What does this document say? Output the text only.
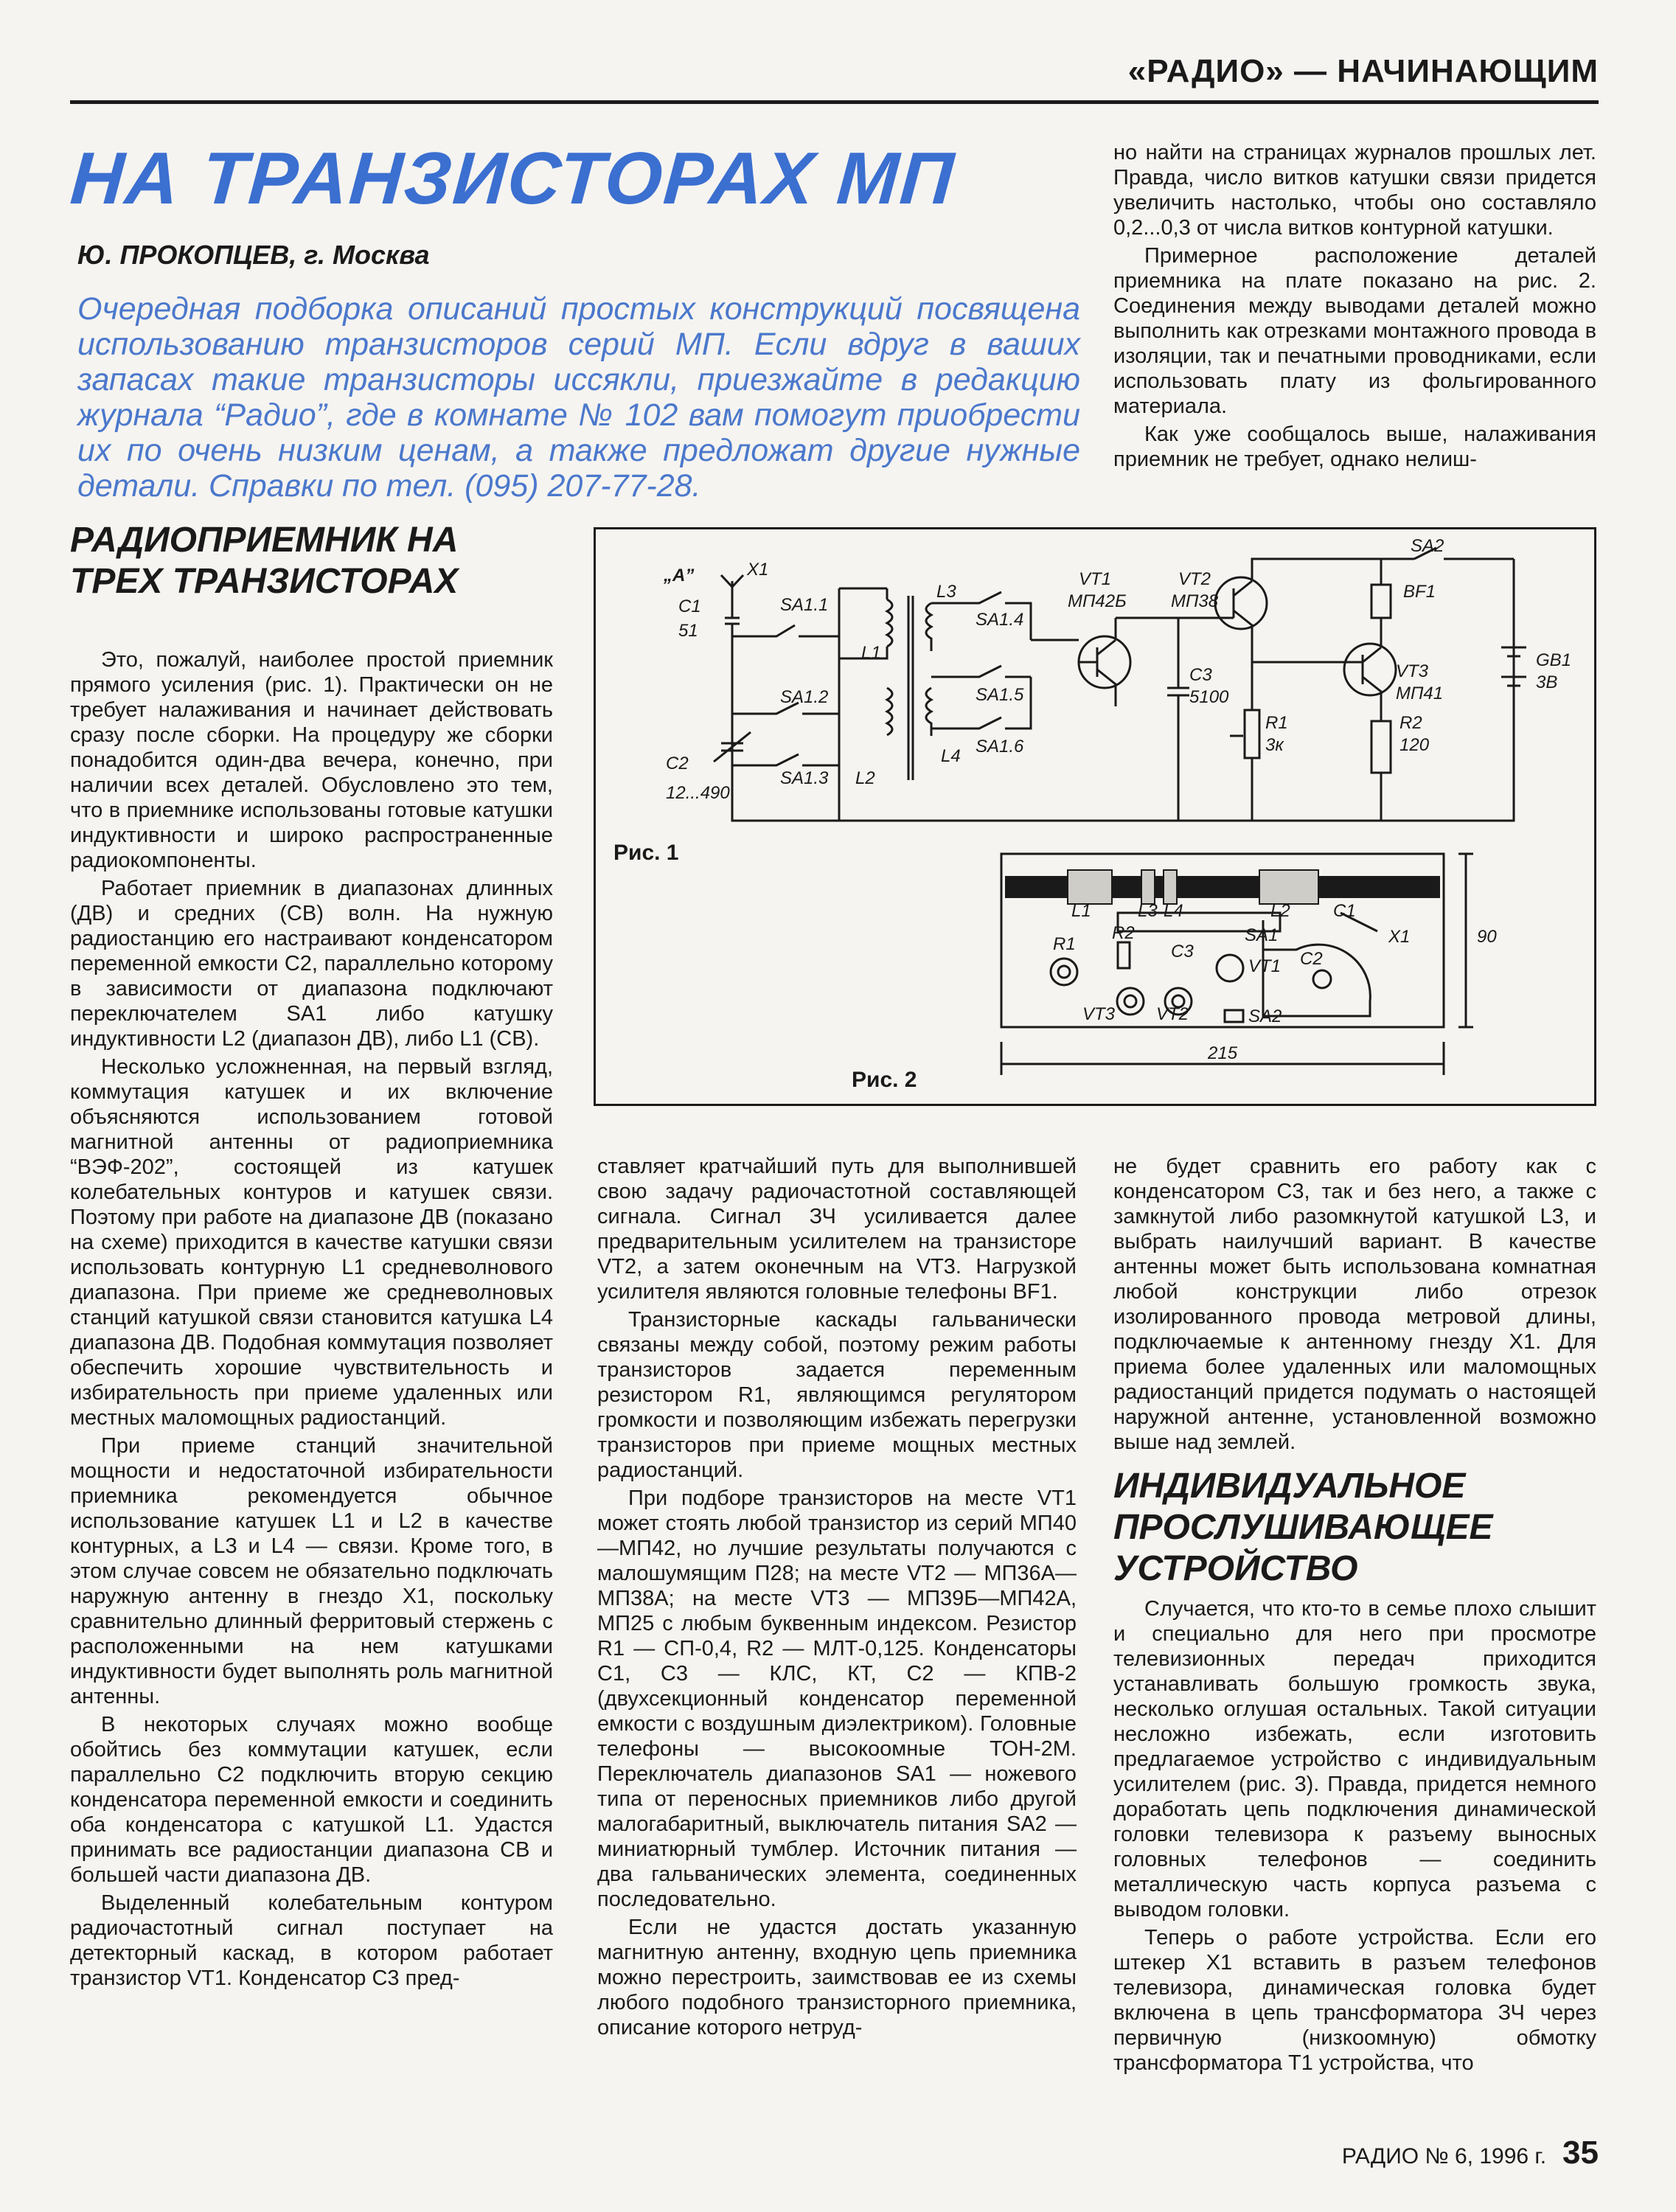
«РАДИО» — НАЧИНАЮЩИМ

НА ТРАНЗИСТОРАХ МП

Ю. ПРОКОПЦЕВ, г. Москва

Очередная подборка описаний простых конструкций посвящена использованию транзисторов серий МП. Если вдруг в ваших запасах такие транзисторы иссякли, приезжайте в редакцию журнала “Радио”, где в комнате № 102 вам помогут приобрести их по очень низким ценам, а также предложат другие нужные детали. Справки по тел. (095) 207-77-28.

но найти на страницах журналов прошлых лет. Правда, число витков катушки связи придется увеличить настолько, чтобы оно составляло 0,2...0,3 от числа витков контурной катушки.

Примерное расположение деталей приемника на плате показано на рис. 2. Соединения между выводами деталей можно выполнить как отрезками монтажного провода в изоляции, так и печатными проводниками, если использовать плату из фольгированного материала.

Как уже сообщалось выше, налаживания приемник не требует, однако нелиш-

РАДИОПРИЕМНИК НА ТРЕХ ТРАНЗИСТОРАХ

Это, пожалуй, наиболее простой приемник прямого усиления (рис. 1). Практически он не требует налаживания и начинает действовать сразу после сборки. На процедуру же сборки понадобится один-два вечера, конечно, при наличии всех деталей. Обусловлено это тем, что в приемнике использованы готовые катушки индуктивности и широко распространенные радиокомпоненты.

Работает приемник в диапазонах длинных (ДВ) и средних (СВ) волн. На нужную радиостанцию его настраивают конденсатором переменной емкости С2, параллельно которому в зависимости от диапазона подключают переключателем SA1 либо катушку индуктивности L2 (диапазон ДВ), либо L1 (СВ).

Несколько усложненная, на первый взгляд, коммутация катушек и их включение объясняются использованием готовой магнитной антенны от радиоприемника “ВЭФ-202”, состоящей из катушек колебательных контуров и катушек связи. Поэтому при работе на диапазоне ДВ (показано на схеме) приходится в качестве катушки связи использовать контурную L1 средневолнового диапазона. При приеме же средневолновых станций катушкой связи становится катушка L4 диапазона ДВ. Подобная коммутация позволяет обеспечить хорошие чувствительность и избирательность при приеме удаленных или местных маломощных радиостанций.

При приеме станций значительной мощности и недостаточной избирательности приемника рекомендуется обычное использование катушек L1 и L2 в качестве контурных, а L3 и L4 — связи. Кроме того, в этом случае совсем не обязательно подключать наружную антенну в гнездо X1, поскольку сравнительно длинный ферритовый стержень с расположенными на нем катушками индуктивности будет выполнять роль магнитной антенны.

В некоторых случаях можно вообще обойтись без коммутации катушек, если параллельно С2 подключить вторую секцию конденсатора переменной емкости и соединить оба конденсатора с катушкой L1. Удастся принимать все радиостанции диапазона СВ и большей части диапазона ДВ.

Выделенный колебательным контуром радиочастотный сигнал поступает на детекторный каскад, в котором работает транзистор VT1. Конденсатор С3 пред-

„A”	X1
C1
51
SA1.1
L1
L3
SA1.2
SA1.3 L2
L4
C2
12...490
SA1.4
SA1.5
SA1.6
VT1
МП42Б
VT2
МП38
C3
5100
R1
3к
R2
120
VT3
МП41
BF1
SA2
GB1
3В
L1	L3 L4	L2 C1
X1
R1
R2
C3
VT1
SA1
C2
VT3 VT2	SA2
215
90

Рис. 1

Рис. 2

ставляет кратчайший путь для выполнившей свою задачу радиочастотной составляющей сигнала. Сигнал ЗЧ усиливается далее предварительным усилителем на транзисторе VT2, а затем оконечным на VT3. Нагрузкой усилителя являются головные телефоны BF1.

Транзисторные каскады гальванически связаны между собой, поэтому режим работы транзисторов задается переменным резистором R1, являющимся регулятором громкости и позволяющим избежать перегрузки транзисторов при приеме мощных местных радиостанций.

При подборе транзисторов на месте VT1 может стоять любой транзистор из серий МП40—МП42, но лучшие результаты получаются с малошумящим П28; на месте VT2 — МП36А—МП38А; на месте VT3 — МП39Б—МП42А, МП25 с любым буквенным индексом. Резистор R1 — СП-0,4, R2 — МЛТ-0,125. Конденсаторы С1, С3 — КЛС, КТ, С2 — КПВ-2 (двухсекционный конденсатор переменной емкости с воздушным диэлектриком). Головные телефоны — высокоомные ТОН-2М. Переключатель диапазонов SA1 — ножевого типа от переносных приемников либо другой малогабаритный, выключатель питания SA2 — миниатюрный тумблер. Источник питания — два гальванических элемента, соединенных последовательно.

Если не удастся достать указанную магнитную антенну, входную цепь приемника можно перестроить, заимствовав ее из схемы любого подобного транзисторного приемника, описание которого нетруд-

не будет сравнить его работу как с конденсатором С3, так и без него, а также с замкнутой либо разомкнутой катушкой L3, и выбрать наилучший вариант. В качестве антенны может быть использована комнатная любой конструкции либо отрезок изолированного провода метровой длины, подключаемые к антенному гнезду X1. Для приема более удаленных или маломощных радиостанций придется подумать о настоящей наружной антенне, установленной возможно выше над землей.

ИНДИВИДУАЛЬНОЕ ПРОСЛУШИВАЮЩЕЕ УСТРОЙСТВО

Случается, что кто-то в семье плохо слышит и специально для него при просмотре телевизионных передач приходится устанавливать большую громкость звука, несколько оглушая остальных. Такой ситуации несложно избежать, если изготовить предлагаемое устройство с индивидуальным усилителем (рис. 3). Правда, придется немного доработать цепь подключения динамической головки телевизора к разъему выносных головных телефонов — соединить металлическую часть корпуса разъема с выводом головки.

Теперь о работе устройства. Если его штекер X1 вставить в разъем телефонов телевизора, динамическая головка будет включена в цепь трансформатора ЗЧ через первичную (низкоомную) обмотку трансформатора Т1 устройства, что

РАДИО № 6, 1996 г. 35
